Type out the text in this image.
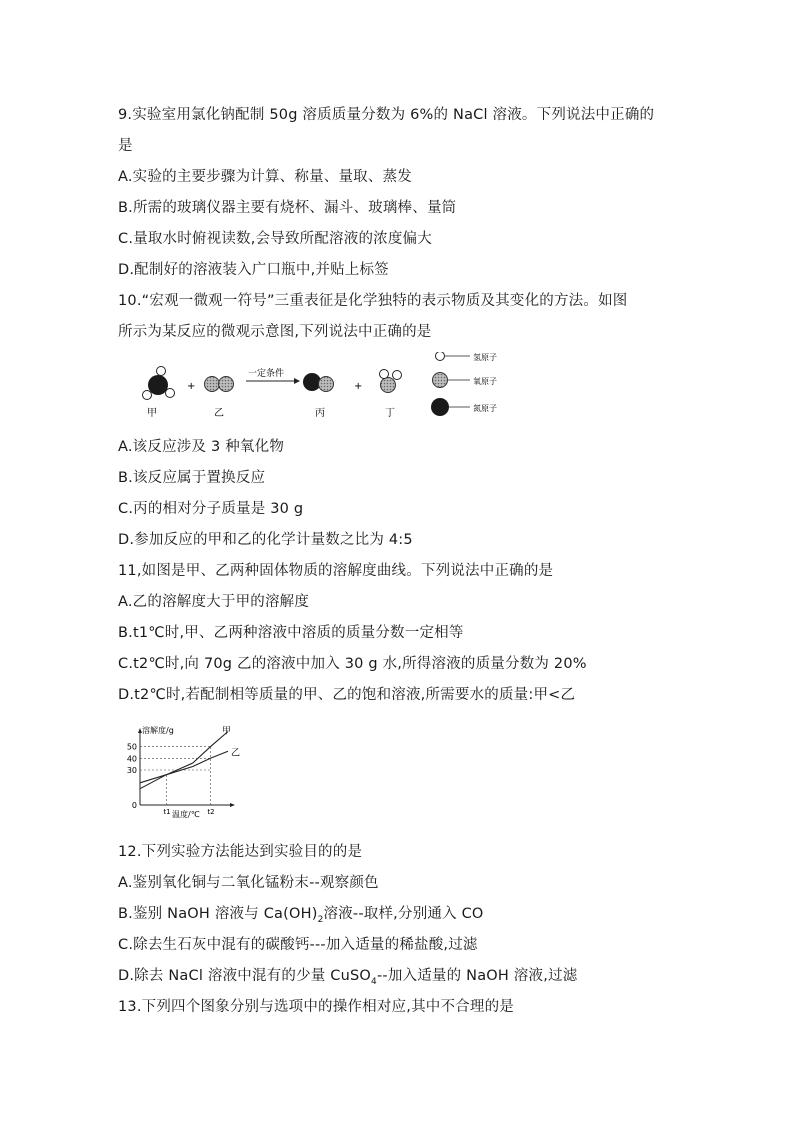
9.实验室用氯化钠配制 50g 溶质质量分数为 6%的 NaCl 溶液。下列说法中正确的
是
A.实验的主要步骤为计算、称量、量取、蒸发
B.所需的玻璃仪器主要有烧杯、漏斗、玻璃棒、量筒
C.量取水时俯视读数,会导致所配溶液的浓度偏大
D.配制好的溶液装入广口瓶中,并贴上标签
10.“宏观一微观一符号”三重表征是化学独特的表示物质及其变化的方法。如图
所示为某反应的微观示意图,下列说法中正确的是
+
一定条件
+
甲	乙	丙	丁
氢原子
氧原子
氮原子
A.该反应涉及 3 种氧化物
B.该反应属于置换反应
C.丙的相对分子质量是 30 g
D.参加反应的甲和乙的化学计量数之比为 4:5
11,如图是甲、乙两种固体物质的溶解度曲线。下列说法中正确的是
A.乙的溶解度大于甲的溶解度
B.t1℃时,甲、乙两种溶液中溶质的质量分数一定相等
C.t2℃时,向 70g 乙的溶液中加入 30 g 水,所得溶液的质量分数为 20%
D.t2℃时,若配制相等质量的甲、乙的饱和溶液,所需要水的质量:甲<乙
溶解度/g
温度/℃
50
40
30
0
t1	t2
甲
乙
12.下列实验方法能达到实验目的的是
A.鉴别氧化铜与二氧化锰粉末--观察颜色
B.鉴别 NaOH 溶液与 $Ca(OH)_2$溶液--取样,分别通入 CO
C.除去生石灰中混有的碳酸钙---加入适量的稀盐酸,过滤
D.除去 NaCl 溶液中混有的少量 CuSO$_4$--加入适量的 NaOH 溶液,过滤
13.下列四个图象分别与选项中的操作相对应,其中不合理的是
